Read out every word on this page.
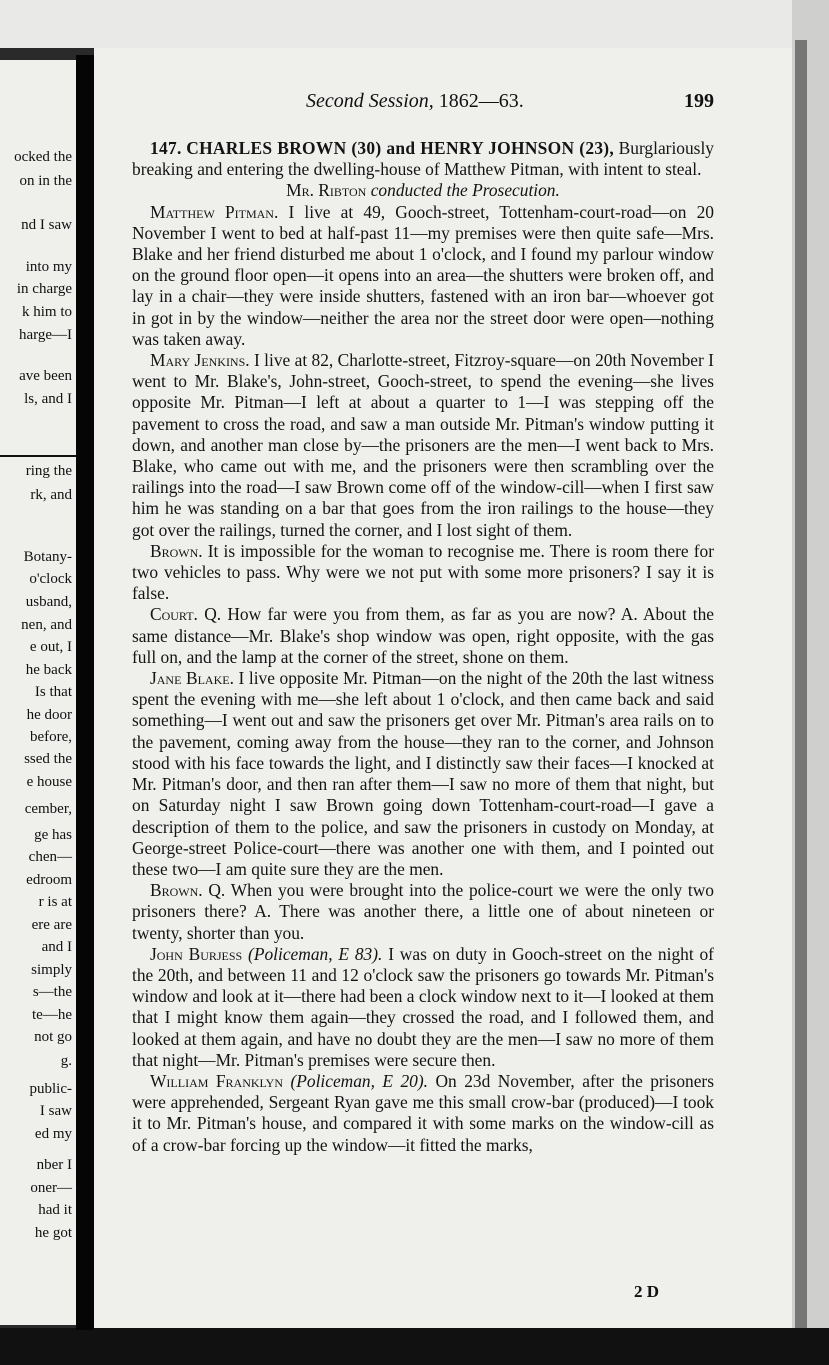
ocked the
on in the
nd I saw
into my
in charge
k him to
harge—I
ave been
ls, and I
ring the
rk, and
Botany-
o'clock
usband,
nen, and
e out, I
he back
Is that
he door
before,
ssed the
e house
cember,
ge has
chen—
edroom
r is at
ere are
and I
simply
s—the
te—he
not go
g.
public-
I saw
ed my
nber I
oner—
had it
he got
Second Session, 1862—63.	199

147. CHARLES BROWN (30) and HENRY JOHNSON (23), Burglariously breaking and entering the dwelling-house of Matthew Pitman, with intent to steal.

Mr. Ribton conducted the Prosecution.

Matthew Pitman. I live at 49, Gooch-street, Tottenham-court-road—on 20 November I went to bed at half-past 11—my premises were then quite safe—Mrs. Blake and her friend disturbed me about 1 o'clock, and I found my parlour window on the ground floor open—it opens into an area—the shutters were broken off, and lay in a chair—they were inside shutters, fastened with an iron bar—whoever got in got in by the window—neither the area nor the street door were open—nothing was taken away.

Mary Jenkins. I live at 82, Charlotte-street, Fitzroy-square—on 20th November I went to Mr. Blake's, John-street, Gooch-street, to spend the evening—she lives opposite Mr. Pitman—I left at about a quarter to 1—I was stepping off the pavement to cross the road, and saw a man outside Mr. Pitman's window putting it down, and another man close by—the prisoners are the men—I went back to Mrs. Blake, who came out with me, and the prisoners were then scrambling over the railings into the road—I saw Brown come off of the window-cill—when I first saw him he was standing on a bar that goes from the iron railings to the house—they got over the railings, turned the corner, and I lost sight of them.

Brown. It is impossible for the woman to recognise me. There is room there for two vehicles to pass. Why were we not put with some more prisoners? I say it is false.

Court. Q. How far were you from them, as far as you are now? A. About the same distance—Mr. Blake's shop window was open, right opposite, with the gas full on, and the lamp at the corner of the street, shone on them.

Jane Blake. I live opposite Mr. Pitman—on the night of the 20th the last witness spent the evening with me—she left about 1 o'clock, and then came back and said something—I went out and saw the prisoners get over Mr. Pitman's area rails on to the pavement, coming away from the house—they ran to the corner, and Johnson stood with his face towards the light, and I distinctly saw their faces—I knocked at Mr. Pitman's door, and then ran after them—I saw no more of them that night, but on Saturday night I saw Brown going down Tottenham-court-road—I gave a description of them to the police, and saw the prisoners in custody on Monday, at George-street Police-court—there was another one with them, and I pointed out these two—I am quite sure they are the men.

Brown. Q. When you were brought into the police-court we were the only two prisoners there? A. There was another there, a little one of about nineteen or twenty, shorter than you.

John Burjess (Policeman, E 83). I was on duty in Gooch-street on the night of the 20th, and between 11 and 12 o'clock saw the prisoners go towards Mr. Pitman's window and look at it—there had been a clock window next to it—I looked at them that I might know them again—they crossed the road, and I followed them, and looked at them again, and have no doubt they are the men—I saw no more of them that night—Mr. Pitman's premises were secure then.

William Franklyn (Policeman, E 20). On 23d November, after the prisoners were apprehended, Sergeant Ryan gave me this small crow-bar (produced)—I took it to Mr. Pitman's house, and compared it with some marks on the window-cill as of a crow-bar forcing up the window—it fitted the marks,

2 D
